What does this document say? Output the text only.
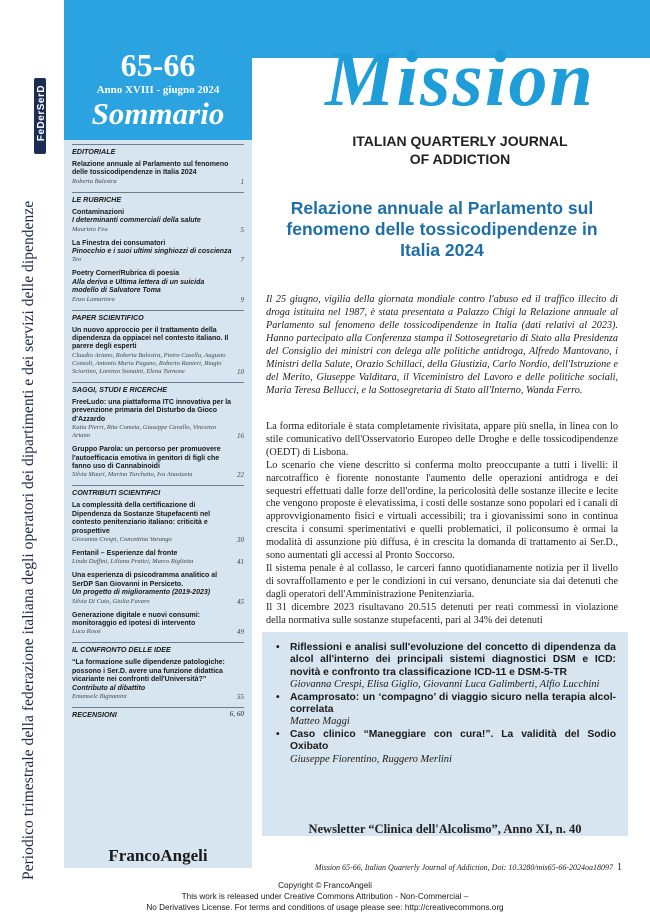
Periodico trimestrale della federazione italiana degli operatori dei dipartimenti e dei servizi delle dipendenze
FeDerSerD
65-66
Anno XVIII - giugno 2024
Sommario
EDITORIALE
Relazione annuale al Parlamento sul fenomeno delle tossicodipendenze in Italia 2024
Roberta Balestra	1
LE RUBRICHE
Contaminazioni
I determinanti commerciali della salute
Maurizio Fea	5
La Finestra dei consumatori
Pinocchio e i suoi ultimi singhiozzi di coscienza
Teo	7
Poetry Corner/Rubrica di poesia
Alla deriva e Ultima lettera di un suicida modello di Salvatore Toma
Enzo Lamartora	9
PAPER SCIENTIFICO
Un nuovo approccio per il trattamento della dipendenza da oppiacei nel contesto italiano. Il parere degli esperti
Claudio Ariano, Roberta Balestra, Pietro Casella, Augusto Consoli, Antonio Maria Pagano, Roberto Ranieri, Biagio Sciortino, Lorenzo Somaini, Elena Turnone	10
SAGGI, STUDI E RICERCHE
FreeLudo: una piattaforma ITC innovativa per la prevenzione primaria del Disturbo da Gioco d'Azzardo
Katia Pierri, Rita Cometa, Giuseppe Cavallo, Vincenzo Ariano	16
Gruppo Parola: un percorso per promuovere l'autoefficacia emotiva in genitori di figli che fanno uso di Cannabinoidi
Silvia Mauri, Marina Turchetto, Iva Anastasia	22
CONTRIBUTI SCIENTIFICI
La complessità della certificazione di Dipendenza da Sostanze Stupefacenti nel contesto penitenziario italiano: criticità e prospettive
Giovanna Crespi, Concettina Varango	30
Fentanil – Esperienze dal fronte
Linda Duffini, Liliana Pratici, Marco Riglietta	41
Una esperienza di psicodramma analitico al SerDP San Giovanni in Persiceto.
Un progetto di miglioramento (2019-2023)
Silvia Di Cuto, Giulia Favaro	45
Generazione digitale e nuovi consumi: monitoraggio ed ipotesi di intervento
Luca Rossi	49
IL CONFRONTO DELLE IDEE
“La formazione sulle dipendenze patologiche: possono i Ser.D. avere una funzione didattica vicariante nei confronti dell'Università?”
Contributo al dibattito
Emanuele Bignamini	55
RECENSIONI	6, 60
FrancoAngeli
Mission
ITALIAN QUARTERLY JOURNAL
OF ADDICTION
Relazione annuale al Parlamento sul fenomeno delle tossicodipendenze in Italia 2024
Il 25 giugno, vigilia della giornata mondiale contro l'abuso ed il traffico illecito di droga istituita nel 1987, è stata presentata a Palazzo Chigi la Relazione annuale al Parlamento sul fenomeno delle tossicodipendenze in Italia (dati relativi al 2023). Hanno partecipato alla Conferenza stampa il Sottosegretario di Stato alla Presidenza del Consiglio dei ministri con delega alle politiche antidroga, Alfredo Mantovano, i Ministri della Salute, Orazio Schillaci, della Giustizia, Carlo Nordio, dell'Istruzione e del Merito, Giuseppe Valditara, il Viceministro del Lavoro e delle politiche sociali, Maria Teresa Bellucci, e la Sottosegretaria di Stato all'Interno, Wanda Ferro.

La forma editoriale è stata completamente rivisitata, appare più snella, in linea con lo stile comunicativo dell'Osservatorio Europeo delle Droghe e delle tossicodipendenze (OEDT) di Lisbona.

Lo scenario che viene descritto si conferma molto preoccupante a tutti i livelli: il narcotraffico è fiorente nonostante l'aumento delle operazioni antidroga e dei sequestri effettuati dalle forze dell'ordine, la pericolosità delle sostanze illecite e lecite che vengono proposte è elevatissima, i costi delle sostanze sono popolari ed i canali di approvvigionamento fisici e virtuali accessibili; tra i giovanissimi sono in continua crescita i consumi sperimentativi e quelli problematici, il policonsumo è ormai la modalità di assunzione più diffusa, è in crescita la domanda di trattamento ai Ser.D., sono aumentati gli accessi al Pronto Soccorso.

Il sistema penale è al collasso, le carceri fanno quotidianamente notizia per il livello di sovraffollamento e per le condizioni in cui versano, denunciate sia dai detenuti che dagli operatori dell'Amministrazione Penitenziaria.

Il 31 dicembre 2023 risultavano 20.515 detenuti per reati commessi in violazione della normativa sulle sostanze stupefacenti, pari al 34% dei detenuti

• Riflessioni e analisi sull'evoluzione del concetto di dipendenza da alcol all'interno dei principali sistemi diagnostici DSM e ICD: novità e confronto tra classificazione ICD-11 e DSM-5-TR
Giovanna Crespi, Elisa Giglio, Giovanni Luca Galimberti, Alfio Lucchini
• Acamprosato: un ‘compagno’ di viaggio sicuro nella terapia alcol-correlata
Matteo Maggi
• Caso clinico “Maneggiare con cura!”. La validità del Sodio Oxibato
Giuseppe Fiorentino, Ruggero Merlini
Newsletter “Clinica dell'Alcolismo”, Anno XI, n. 40
Mission 65-66, Italian Quarterly Journal of Addiction, Doi: 10.3280/mis65-66-2024oa18097 1
Copyright © FrancoAngeli
This work is released under Creative Commons Attribution - Non-Commercial –
No Derivatives License. For terms and conditions of usage please see: http://creativecommons.org
